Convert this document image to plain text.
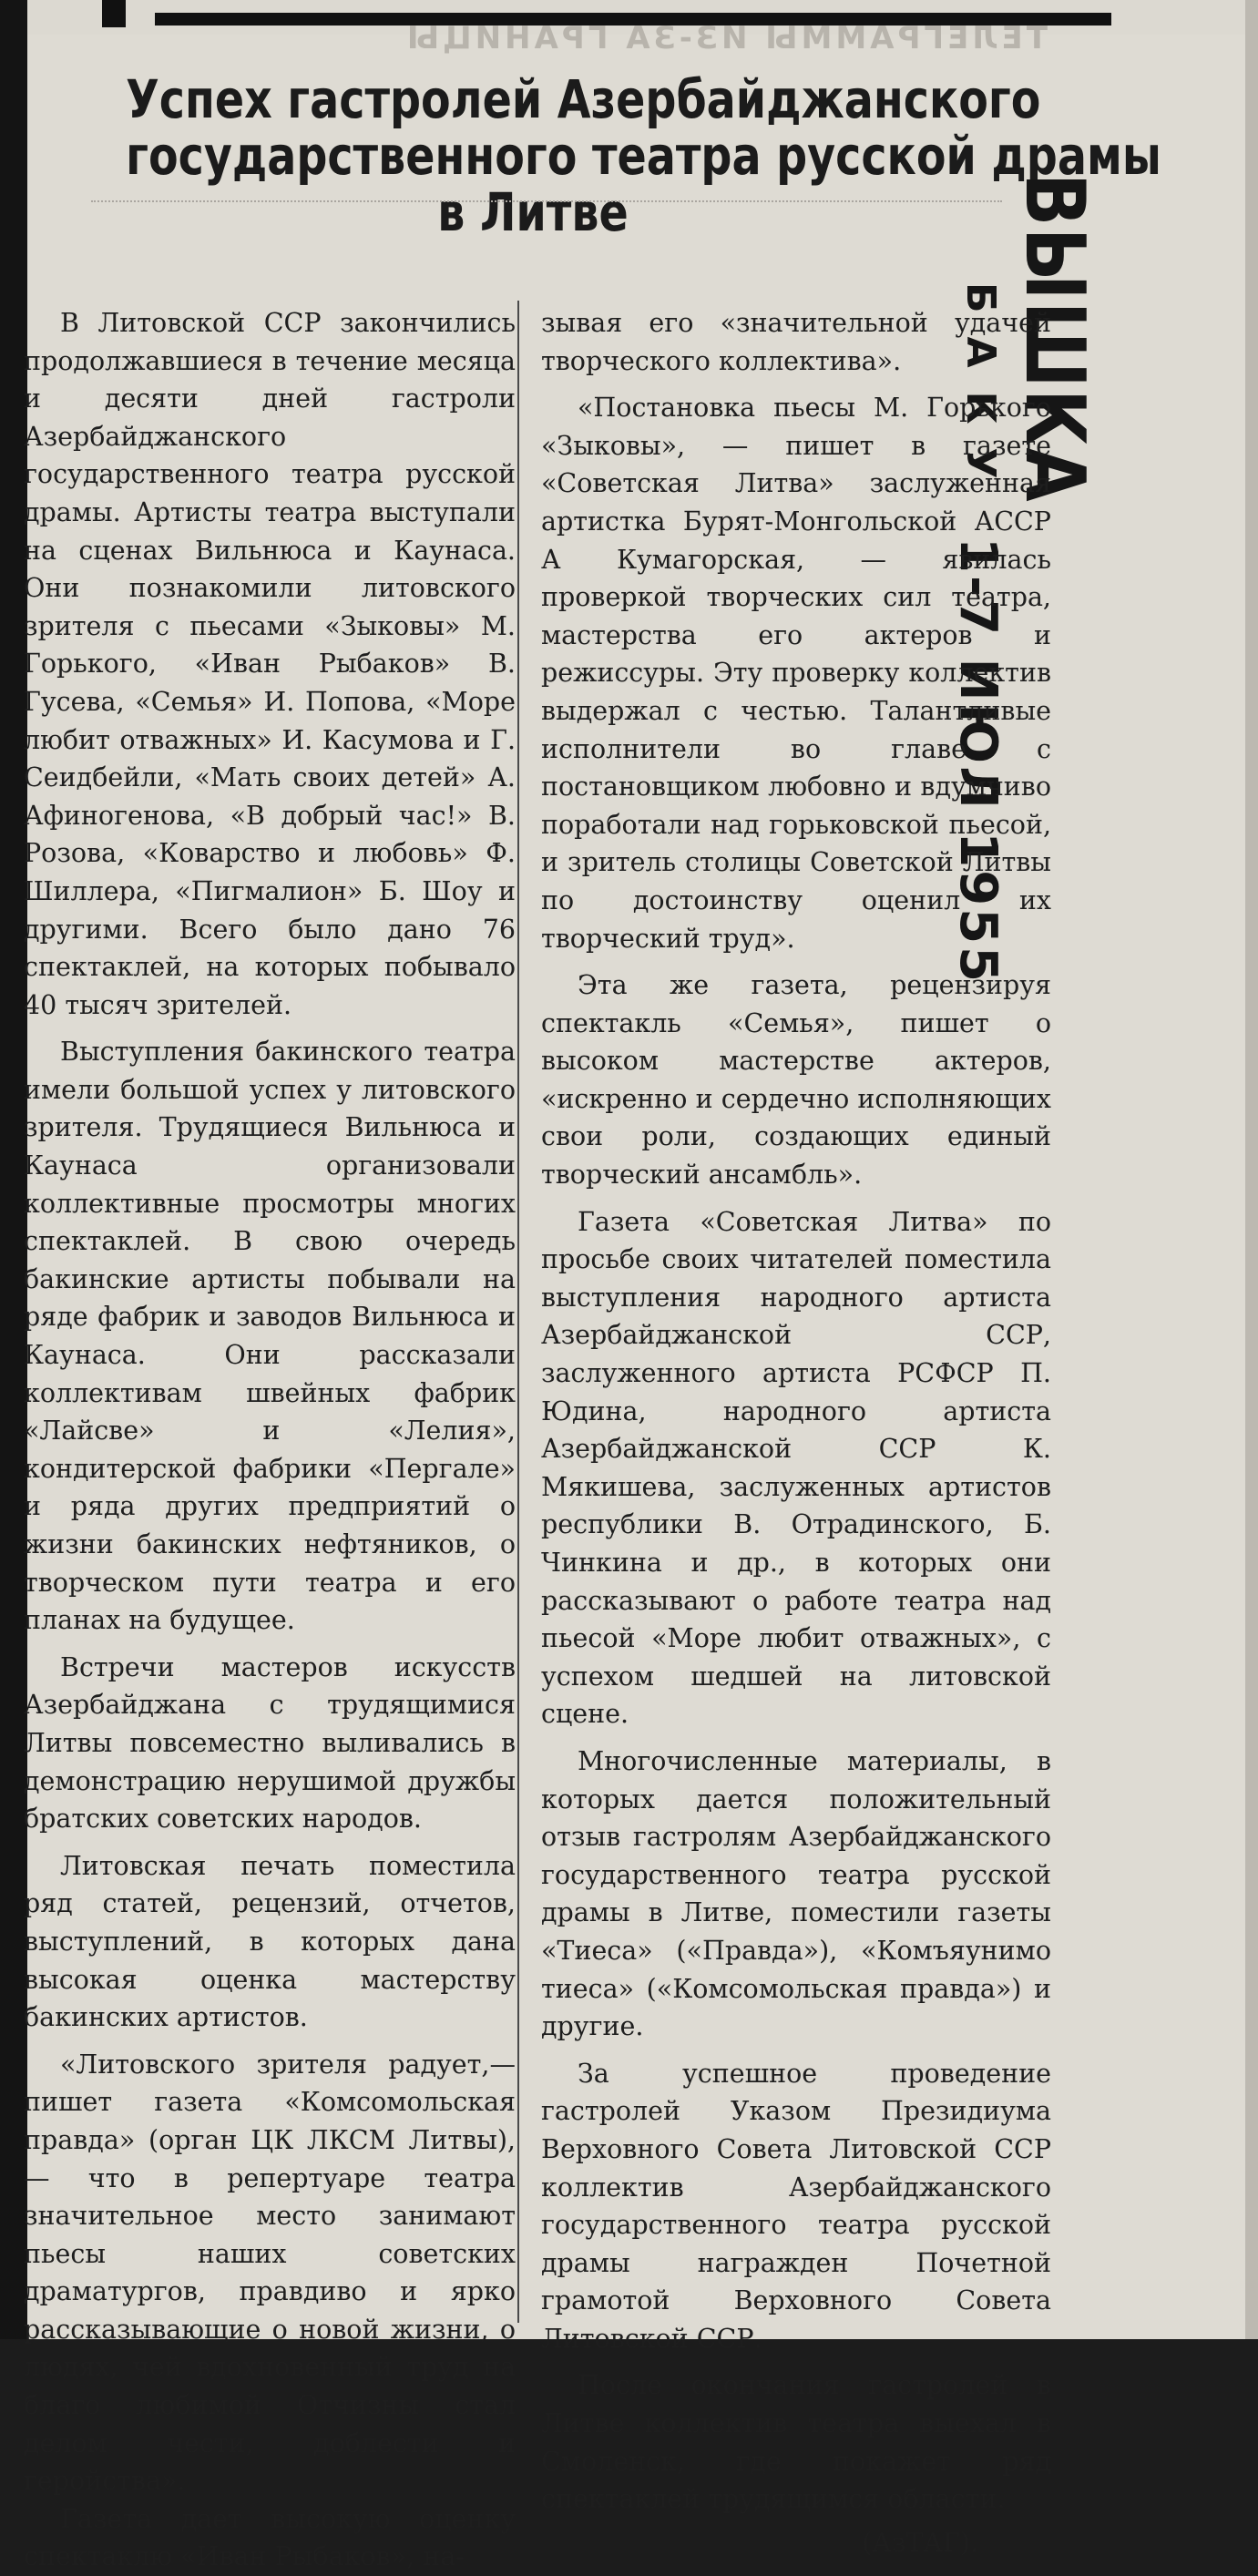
ТЕЛЕГРАММЫ ИЗ-ЗА ГРАНИЦЫ
Успех гастролей Азербайджанского
государственного театра русской драмы
в Литве	ВЫШКА
БАКУ
1-7 ИЮЛ 1955

В Литовской ССР закончились продолжавшиеся в течение месяца и десяти дней гастроли Азербайджанского государственного театра русской драмы. Артисты театра выступали на сценах Вильнюса и Каунаса. Они познакомили литовского зрителя с пьесами «Зыковы» М. Горького, «Иван Рыбаков» В. Гусева, «Семья» И. Попова, «Море любит отважных» И. Касумова и Г. Сеидбейли, «Мать своих детей» А. Афиногенова, «В добрый час!» В. Розова, «Коварство и любовь» Ф. Шиллера, «Пигмалион» Б. Шоу и другими. Всего было дано 76 спектаклей, на которых побывало 40 тысяч зрителей.

Выступления бакинского театра имели большой успех у литовского зрителя. Трудящиеся Вильнюса и Каунаса организовали коллективные просмотры многих спектаклей. В свою очередь бакинские артисты побывали на ряде фабрик и заводов Вильнюса и Каунаса. Они рассказали коллективам швейных фабрик «Лайсве» и «Лелия», кондитерской фабрики «Пергале» и ряда других предприятий о жизни бакинских нефтяников, о творческом пути театра и его планах на будущее.

Встречи мастеров искусств Азербайджана с трудящимися Литвы повсеместно выливались в демонстрацию нерушимой дружбы братских советских народов.

Литовская печать поместила ряд статей, рецензий, отчетов, выступлений, в которых дана высокая оценка мастерству бакинских артистов.

«Литовского зрителя радует,— пишет газета «Комсомольская правда» (орган ЦК ЛКСМ Литвы), — что в репертуаре театра значительное место занимают пьесы наших советских драматургов, правдиво и ярко рассказывающие о новой жизни, о людях, чей вдохновенный труд на благо любимой Отчизны стал делом чести, доблести и геройства».

Газета дает высокую оценку спектаклю «Иван Рыбаков», на-

зывая его «значительной удачей творческого коллектива».

«Постановка пьесы М. Горького «Зыковы», — пишет в газете «Советская Литва» заслуженная артистка Бурят-Монгольской АССР А Кумагорская, — явилась проверкой творческих сил театра, мастерства его актеров и режиссуры. Эту проверку коллектив выдержал с честью. Талантливые исполнители во главе с постановщиком любовно и вдумчиво поработали над горьковской пьесой, и зритель столицы Советской Литвы по достоинству оценил их творческий труд».

Эта же газета, рецензируя спектакль «Семья», пишет о высоком мастерстве актеров, «искренно и сердечно исполняющих свои роли, создающих единый творческий ансамбль».

Газета «Советская Литва» по просьбе своих читателей поместила выступления народного артиста Азербайджанской ССР, заслуженного артиста РСФСР П. Юдина, народного артиста Азербайджанской ССР К. Мякишева, заслуженных артистов республики В. Отрадинского, Б. Чинкина и др., в которых они рассказывают о работе театра над пьесой «Море любит отважных», с успехом шедшей на литовской сцене.

Многочисленные материалы, в которых дается положительный отзыв гастролям Азербайджанского государственного театра русской драмы в Литве, поместили газеты «Тиеса» («Правда»), «Комъяунимо тиеса» («Комсомольская правда») и другие.

За успешное проведение гастролей Указом Президиума Верховного Совета Литовской ССР коллектив Азербайджанского государственного театра русской драмы награжден Почетной грамотой Верховного Совета Литовской ССР.

После окончания гастролей в Литве коллектив театра выехал в Смоленск, где покажет ряд спектаклей трудящимся области.

(АзТАГ).
